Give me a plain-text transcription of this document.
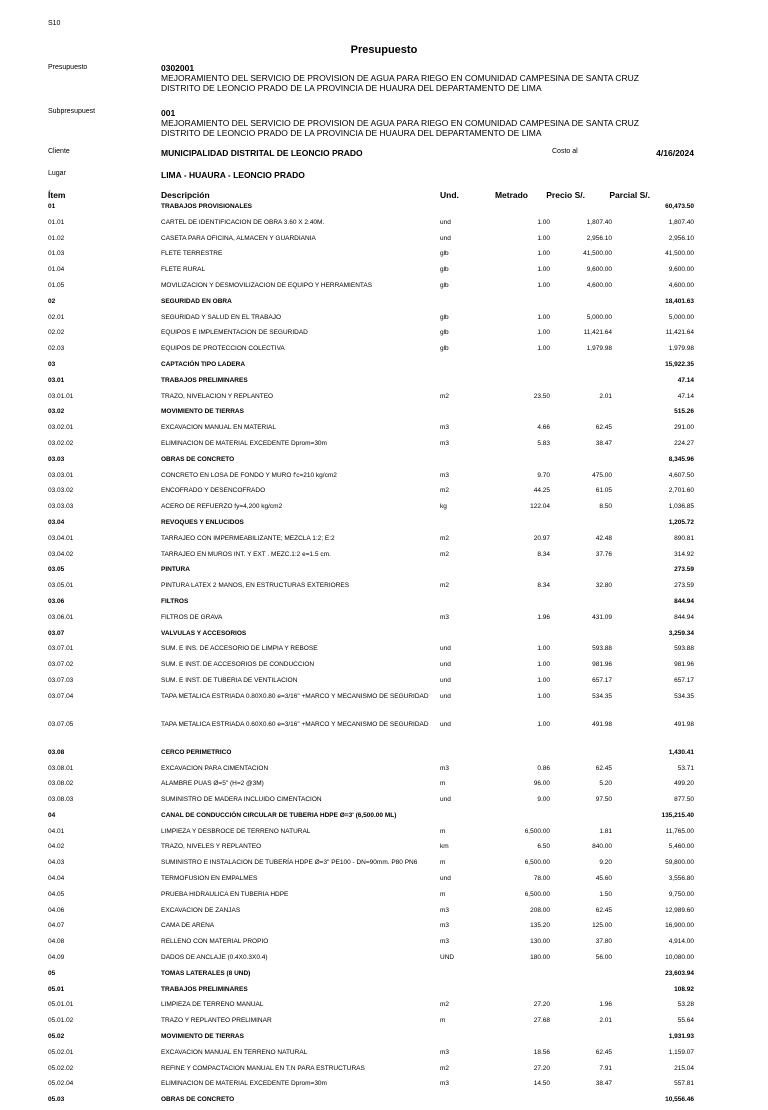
S10
Presupuesto
Presupuesto	0302001
MEJORAMIENTO DEL SERVICIO DE PROVISION DE AGUA PARA RIEGO EN COMUNIDAD CAMPESINA DE SANTA CRUZ
DISTRITO DE LEONCIO PRADO DE LA PROVINCIA DE HUAURA DEL DEPARTAMENTO DE LIMA
Subpresupuest	001
MEJORAMIENTO DEL SERVICIO DE PROVISION DE AGUA PARA RIEGO EN COMUNIDAD CAMPESINA DE SANTA CRUZ
DISTRITO DE LEONCIO PRADO DE LA PROVINCIA DE HUAURA DEL DEPARTAMENTO DE LIMA
Cliente	MUNICIPALIDAD DISTRITAL DE LEONCIO PRADO	Costo al	4/16/2024
Lugar	LIMA - HUAURA - LEONCIO PRADO
Ítem	Descripción	Und.	Metrado	Precio S/.	Parcial S/.
	01	TRABAJOS PROVISIONALES				60,473.50	
	01.01	CARTEL DE IDENTIFICACION DE OBRA 3.60 X 2.40M.	und	1.00	1,807.40	1,807.40	
	01.02	CASETA PARA OFICINA, ALMACEN Y GUARDIANIA	und	1.00	2,956.10	2,956.10	
	01.03	FLETE TERRESTRE	glb	1.00	41,500.00	41,500.00	
	01.04	FLETE RURAL	glb	1.00	9,600.00	9,600.00	
	01.05	MOVILIZACION Y DESMOVILIZACION DE EQUIPO Y HERRAMIENTAS	glb	1.00	4,600.00	4,600.00	
	02	SEGURIDAD EN OBRA				18,401.63	
	02.01	SEGURIDAD Y SALUD EN EL TRABAJO	glb	1.00	5,000.00	5,000.00	
	02.02	EQUIPOS E IMPLEMENTACION DE SEGURIDAD	glb	1.00	11,421.64	11,421.64	
	02.03	EQUIPOS DE PROTECCION COLECTIVA	glb	1.00	1,979.98	1,979.98	
	03	CAPTACIÓN TIPO LADERA				15,922.35	
	03.01	TRABAJOS PRELIMINARES				47.14	
	03.01.01	TRAZO, NIVELACION Y REPLANTEO	m2	23.50	2.01	47.14	
	03.02	MOVIMIENTO DE TIERRAS				515.26	
	03.02.01	EXCAVACION MANUAL EN MATERIAL	m3	4.66	62.45	291.00	
	03.02.02	ELIMINACION DE MATERIAL EXCEDENTE Dprom=30m	m3	5.83	38.47	224.27	
	03.03	OBRAS DE CONCRETO				8,345.96	
	03.03.01	CONCRETO EN LOSA DE FONDO Y MURO f'c=210 kg/cm2	m3	9.70	475.00	4,607.50	
	03.03.02	ENCOFRADO Y DESENCOFRADO	m2	44.25	61.05	2,701.60	
	03.03.03	ACERO DE REFUERZO fy=4,200 kg/cm2	kg	122.04	8.50	1,036.85	
	03.04	REVOQUES Y ENLUCIDOS				1,205.72	
	03.04.01	TARRAJEO CON IMPERMEABILIZANTE; MEZCLA 1:2; E:2	m2	20.97	42.48	890.81	
	03.04.02	TARRAJEO EN MUROS INT. Y EXT . MEZC.1:2 e=1.5 cm.	m2	8.34	37.76	314.92	
	03.05	PINTURA				273.59	
	03.05.01	PINTURA LATEX 2 MANOS, EN ESTRUCTURAS EXTERIORES	m2	8.34	32.80	273.59	
	03.06	FILTROS				844.94	
	03.06.01	FILTROS DE GRAVA	m3	1.96	431.09	844.94	
	03.07	VALVULAS Y ACCESORIOS				3,259.34	
	03.07.01	SUM. E INS. DE ACCESORIO DE LIMPIA Y REBOSE	und	1.00	593.88	593.88	
	03.07.02	SUM. E INST. DE ACCESORIOS DE CONDUCCION	und	1.00	981.96	981.96	
	03.07.03	SUM. E INST. DE TUBERIA DE VENTILACION	und	1.00	657.17	657.17	
	03.07.04	TAPA METALICA ESTRIADA 0.80X0.80 e=3/16" +MARCO Y MECANISMO DE SEGURIDAD	und	1.00	534.35	534.35	
	03.07.05	TAPA METALICA ESTRIADA 0.60X0.60 e=3/16" +MARCO Y MECANISMO DE SEGURIDAD	und	1.00	491.98	491.98	
	03.08	CERCO PERIMETRICO				1,430.41	
	03.08.01	EXCAVACION PARA CIMENTACION	m3	0.86	62.45	53.71	
	03.08.02	ALAMBRE PUAS Ø=5" (H=2 @3M)	m	96.00	5.20	499.20	
	03.08.03	SUMINISTRO DE MADERA INCLUIDO CIMENTACION	und	9.00	97.50	877.50	
	04	CANAL DE CONDUCCIÓN CIRCULAR DE TUBERIA HDPE Ø=3' (6,500.00 ML)				135,215.40	
	04.01	LIMPIEZA Y DESBROCE DE TERRENO NATURAL	m	6,500.00	1.81	11,765.00	
	04.02	TRAZO, NIVELES Y REPLANTEO	km	6.50	840.00	5,460.00	
	04.03	SUMINISTRO E INSTALACION DE TUBERÍA HDPE Ø=3" PE100 - DN=90mm. P80 PN6	m	6,500.00	9.20	59,800.00	
	04.04	TERMOFUSION EN EMPALMES	und	78.00	45.60	3,556.80	
	04.05	PRUEBA HIDRAULICA EN TUBERIA HDPE	m	6,500.00	1.50	9,750.00	
	04.06	EXCAVACION DE ZANJAS	m3	208.00	62.45	12,989.60	
	04.07	CAMA DE ARENA	m3	135.20	125.00	16,900.00	
	04.08	RELLENO CON MATERIAL PROPIO	m3	130.00	37.80	4,914.00	
	04.09	DADOS DE ANCLAJE (0.4X0.3X0.4)	UND	180.00	56.00	10,080.00	
	05	TOMAS LATERALES (8 UND)				23,603.94	
	05.01	TRABAJOS PRELIMINARES				108.92	
	05.01.01	LIMPIEZA DE TERRENO MANUAL	m2	27.20	1.96	53.28	
	05.01.02	TRAZO Y REPLANTEO PRELIMINAR	m	27.68	2.01	55.64	
	05.02	MOVIMIENTO DE TIERRAS				1,931.93	
	05.02.01	EXCAVACION MANUAL EN TERRENO NATURAL	m3	18.56	62.45	1,159.07	
	05.02.02	REFINE Y COMPACTACION MANUAL EN T.N PARA ESTRUCTURAS	m2	27.20	7.91	215.04	
	05.02.04	ELIMINACION DE MATERIAL EXCEDENTE Dprom=30m	m3	14.50	38.47	557.81	
	05.03	OBRAS DE CONCRETO				10,556.46	
